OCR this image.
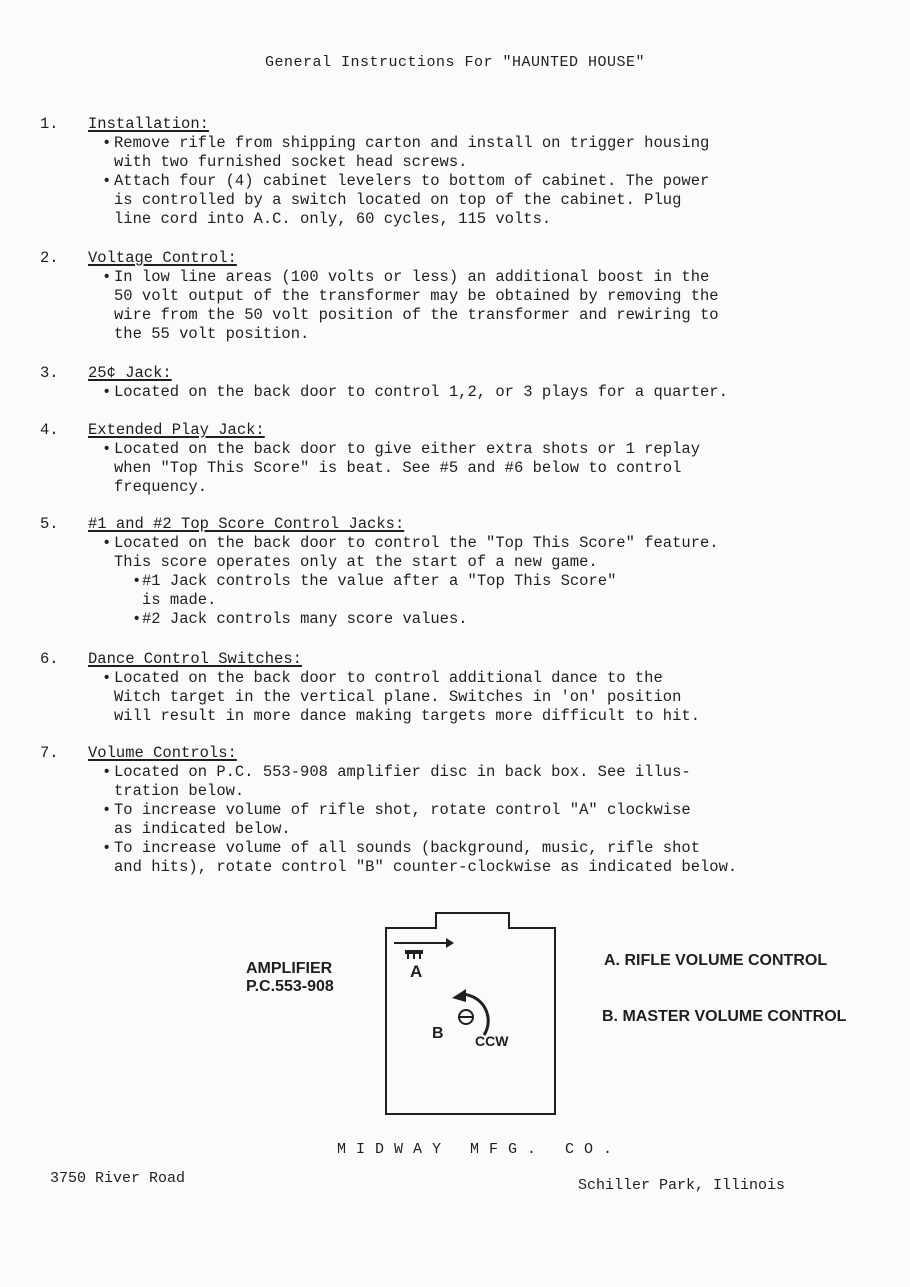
General Instructions For "HAUNTED HOUSE"
1. Installation:
• Remove rifle from shipping carton and install on trigger housing
with two furnished socket head screws.
• Attach four (4) cabinet levelers to bottom of cabinet. The power
is controlled by a switch located on top of the cabinet. Plug
line cord into A.C. only, 60 cycles, 115 volts.
2. Voltage Control:
• In low line areas (100 volts or less) an additional boost in the
50 volt output of the transformer may be obtained by removing the
wire from the 50 volt position of the transformer and rewiring to
the 55 volt position.
3. 25¢ Jack:
• Located on the back door to control 1,2, or 3 plays for a quarter.
4. Extended Play Jack:
• Located on the back door to give either extra shots or 1 replay
when "Top This Score" is beat. See #5 and #6 below to control
frequency.
5. #1 and #2 Top Score Control Jacks:
• Located on the back door to control the "Top This Score" feature.
This score operates only at the start of a new game.
• #1 Jack controls the value after a "Top This Score"
is made.
• #2 Jack controls many score values.
6. Dance Control Switches:
• Located on the back door to control additional dance to the
Witch target in the vertical plane. Switches in 'on' position
will result in more dance making targets more difficult to hit.
7. Volume Controls:
• Located on P.C. 553-908 amplifier disc in back box. See illus-
tration below.
• To increase volume of rifle shot, rotate control "A" clockwise
as indicated below.
• To increase volume of all sounds (background, music, rifle shot
and hits), rotate control "B" counter-clockwise as indicated below.
AMPLIFIER
P.C.553-908
A
B CCW
A. RIFLE VOLUME CONTROL
B. MASTER VOLUME CONTROL
MIDWAY MFG. CO.
3750 River Road	Schiller Park, Illinois
